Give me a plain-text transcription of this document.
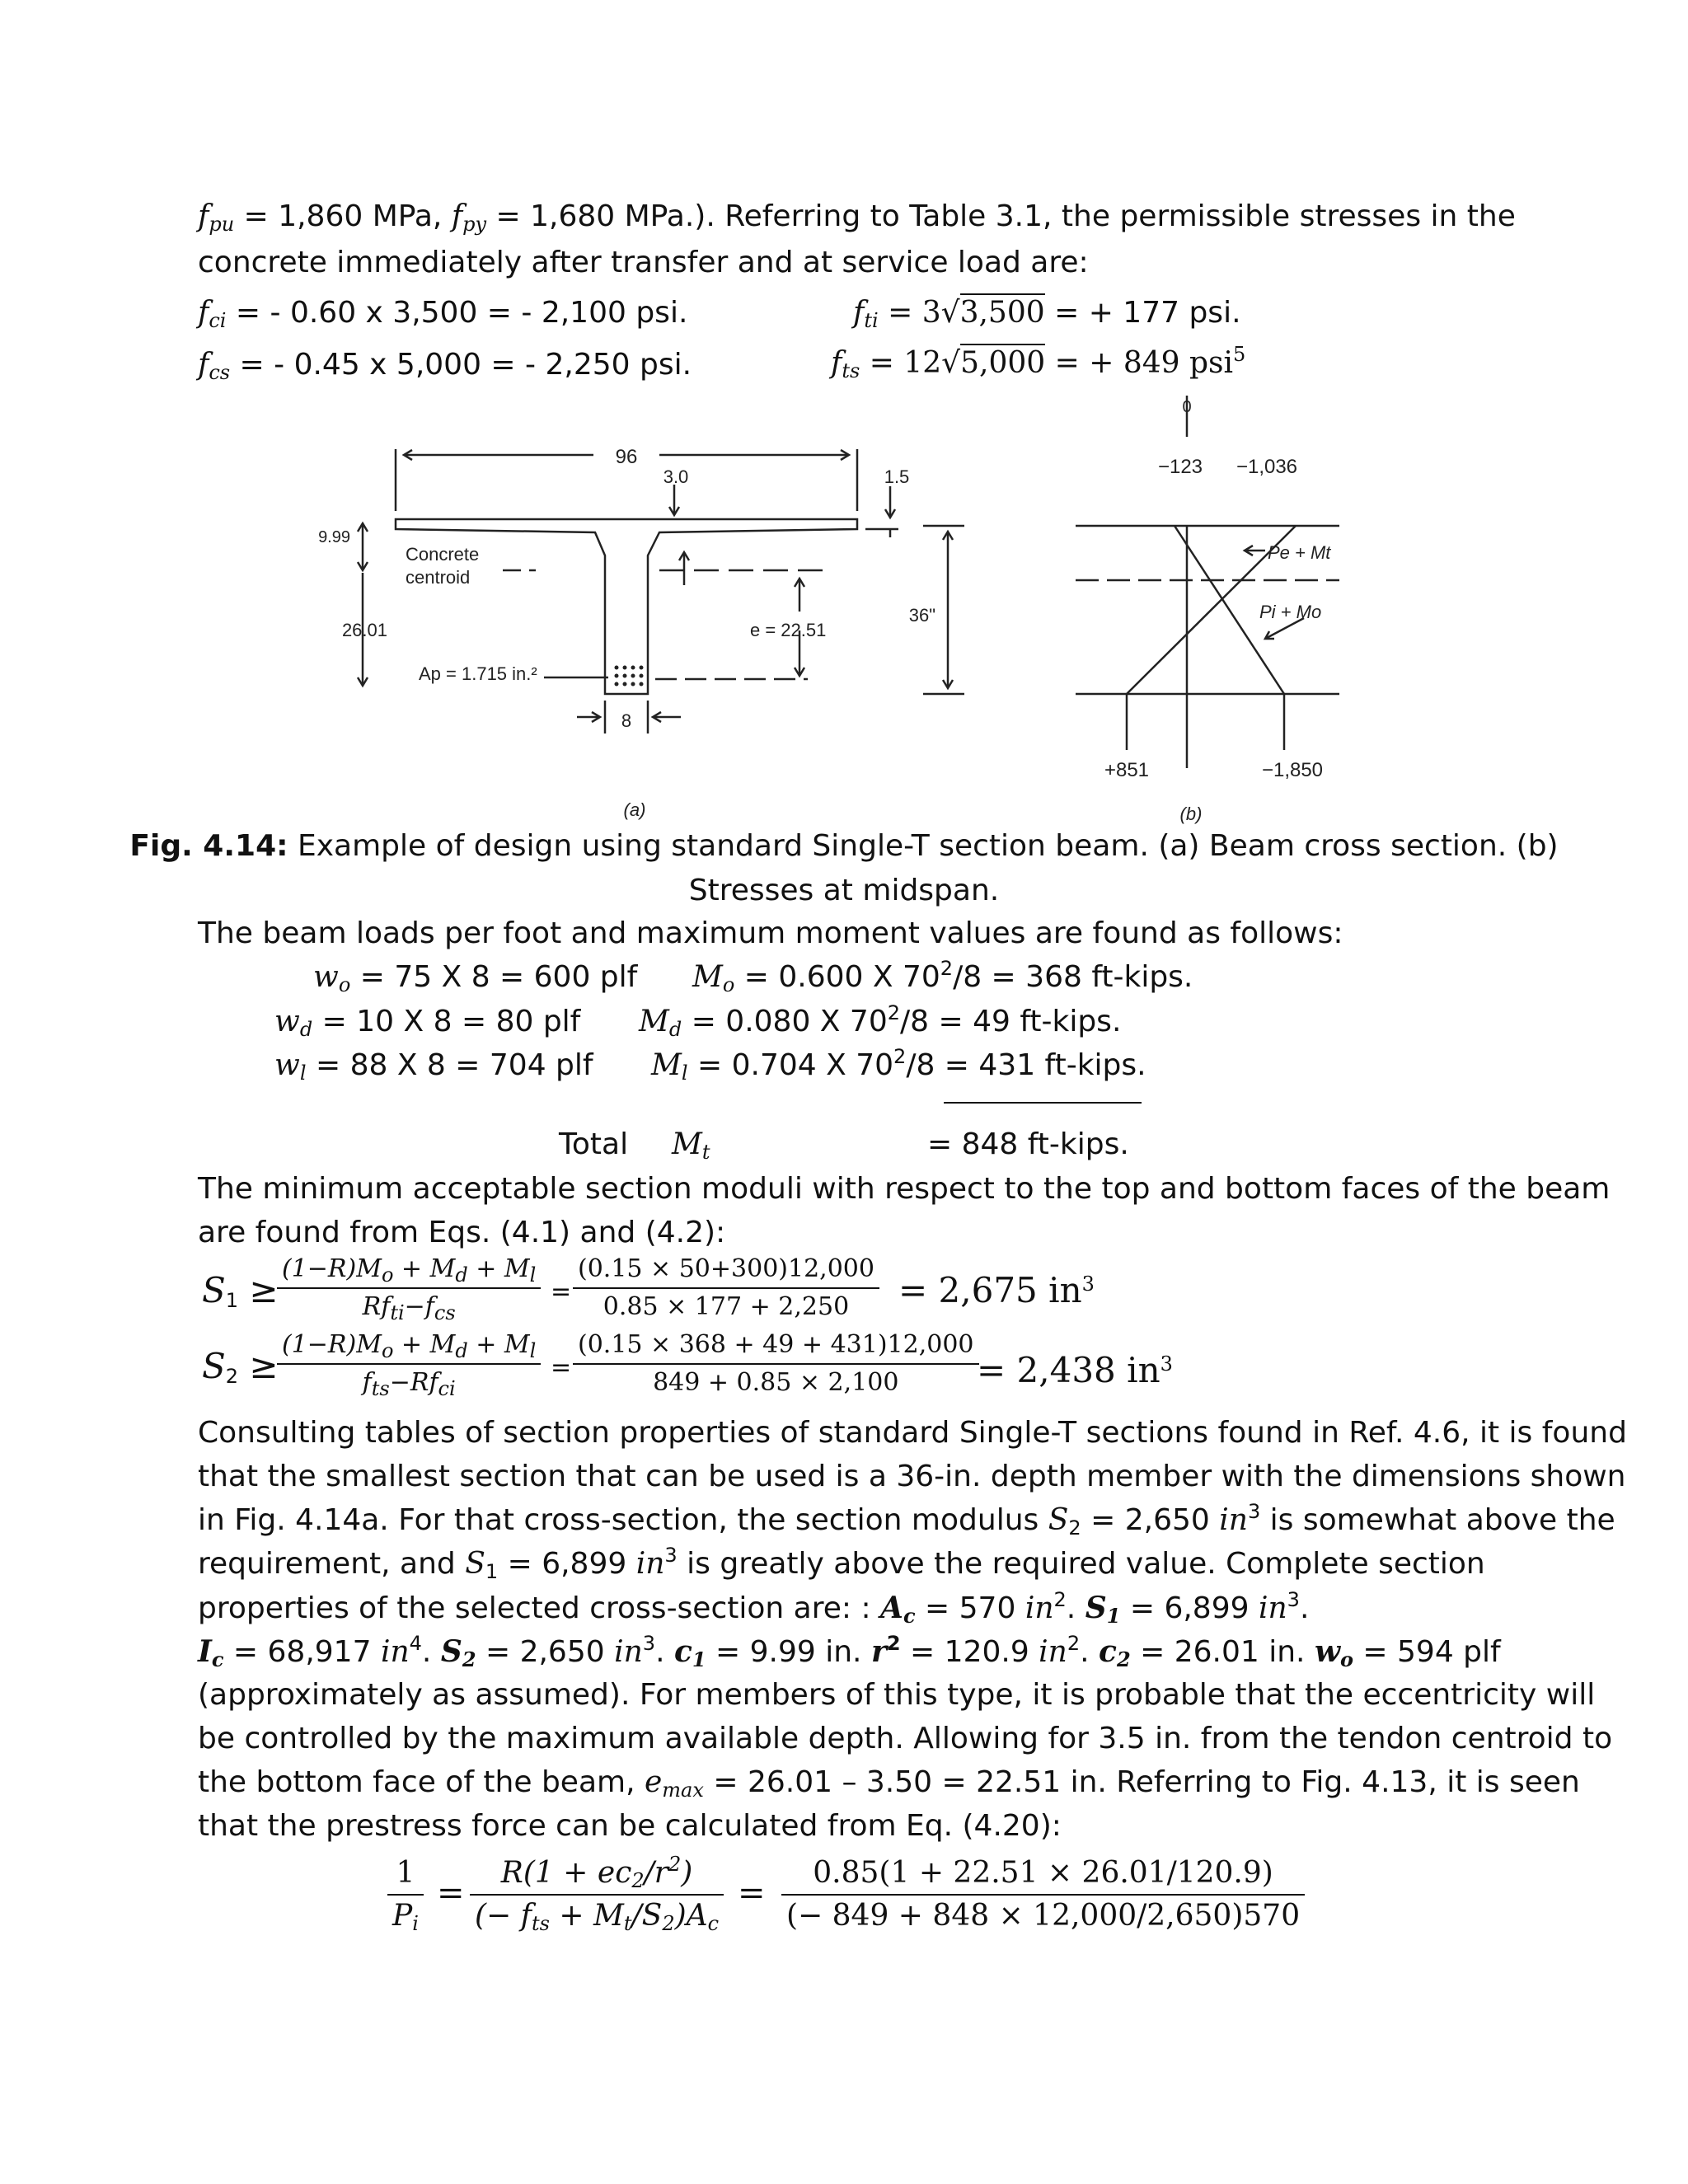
$f_{pu} = 1,860$ MPa, $f_{py} = 1,680$ MPa.). Referring to Table 3.1, the permissible stresses in the
concrete immediately after transfer and at service load are:
$f_{ci}$ = - 0.60 x 3,500 = - 2,100 psi.	$f_{ti} = 3√3,500$ = + 177 psi.
$f_{cs}$ = - 0.45 x 5,000 = - 2,250 psi.	$f_{ts} = 12√5,000$ = + 849 psi$^5$
96
3.0	1.5
9.99
26.01
Concrete
centroid
e = 22.51
36"
Ap = 1.715 in.²
8
(a)
0
−123 −1,036
Pe + Mt
Pi + Mo
+851	−1,850
(b)
Fig. 4.14: Example of design using standard Single-T section beam. (a) Beam cross section. (b)
Stresses at midspan.
The beam loads per foot and maximum moment values are found as follows:
$w_o = 75$ X 8 = 600 plf $M_o = 0.600$ X $70^2/8 = 368$ ft-kips.
$w_d = 10$ X 8 = 80 plf $M_d = 0.080$ X $70^2/8 = 49$ ft-kips.
$w_l = 88$ X 8 = 704 plf $M_l = 0.704$ X $70^2/8 = 431$ ft-kips.
Total $M_t$	= 848 ft-kips.
The minimum acceptable section moduli with respect to the top and bottom faces of the beam
are found from Eqs. (4.1) and (4.2):
$S_1$ ≥
$(1-R)M_o + M_d + M_l$
$Rf_{ti}-f_{cs}$
= $\frac{(0.15 \times 50+300)12,000}{0.85 \times 177 + 2,250} = 2,675$ $in^3$
$S_2$ ≥
$(1-R)M_o + M_d + M_l$
$f_{ts}-Rf_{ci}$
= $\frac{(0.15 \times 368 + 49 + 431)12,000}{849 + 0.85 \times 2,100}$
= 2,438 $in^3$
Consulting tables of section properties of standard Single-T sections found in Ref. 4.6, it is found
that the smallest section that can be used is a 36-in. depth member with the dimensions shown
in Fig. 4.14a. For that cross-section, the section modulus $S_2 = 2,650$ $in^3$ is somewhat above the
requirement, and $S_1 = 6,899$ $in^3$ is greatly above the required value. Complete section
properties of the selected cross-section are: : $A_c = 570$ $in^2$. $S_1 = 6,899$ $in^3$.
$I_c = 68,917$ $in^4$. $S_2 = 2,650$ $in^3$. $c_1 = 9.99$ in. $r^2 = 120.9$ $in^2$. $c_2 = 26.01$ in. $w_o = 594$ plf
(approximately as assumed). For members of this type, it is probable that the eccentricity will
be controlled by the maximum available depth. Allowing for 3.5 in. from the tendon centroid to
the bottom face of the beam, $e_{max} = 26.01 - 3.50 = 22.51$ in. Referring to Fig. 4.13, it is seen
that the prestress force can be calculated from Eq. (4.20):
$\frac{1}{P_i}$ =
$R(1 + ec_2/r^2)$
(− $f_{ts} + M_t/S_2)A_c$
= $\frac{0.85(1 + 22.51 \times 26.01/120.9)}{(- 849 + 848 \times 12,000/2,650)570}$
